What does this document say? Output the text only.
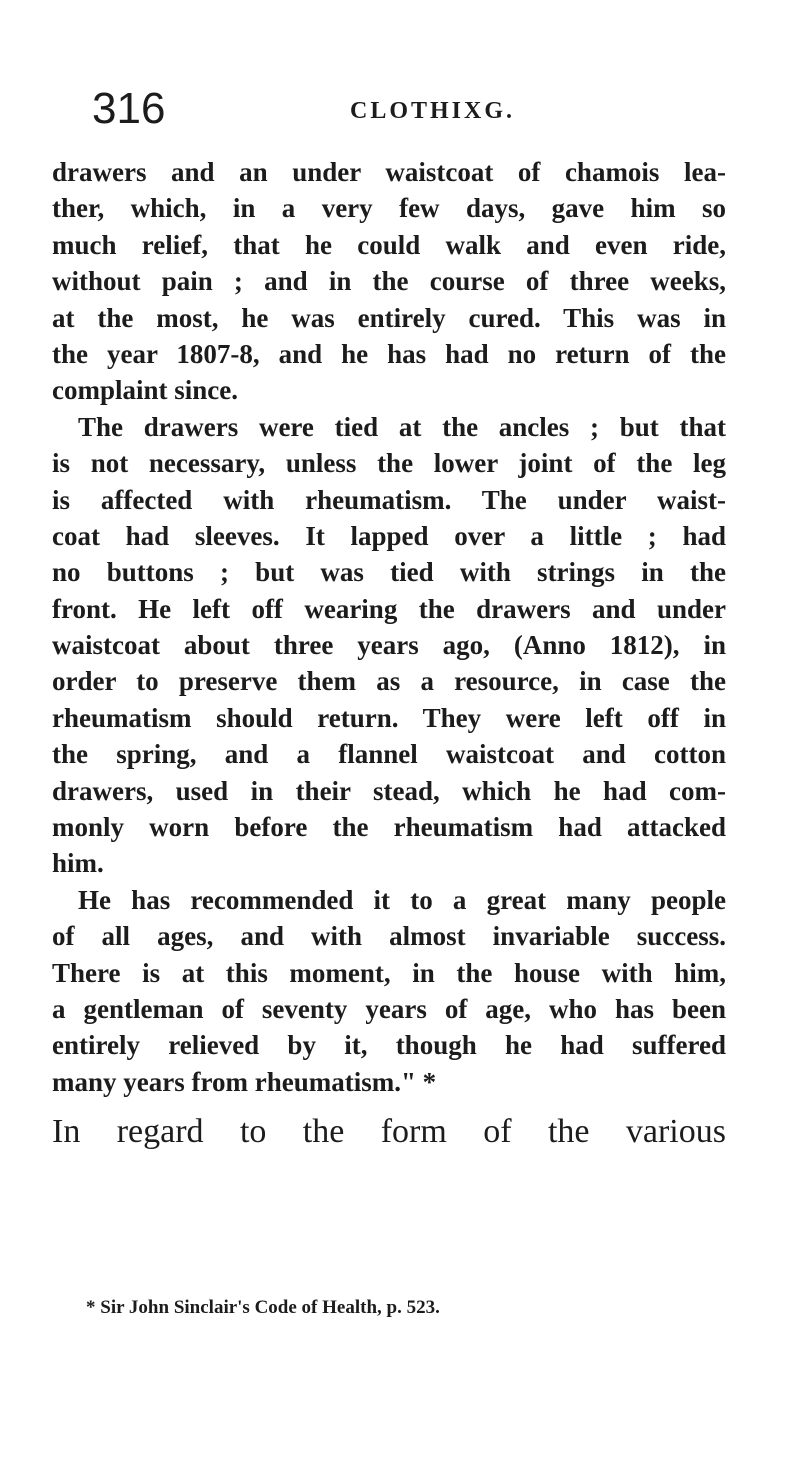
316	CLOTHIXG.
drawers and an under waistcoat of chamois lea-
ther, which, in a very few days, gave him so
much relief, that he could walk and even ride,
without pain ; and in the course of three weeks,
at the most, he was entirely cured. This was in
the year 1807-8, and he has had no return of the
complaint since.
The drawers were tied at the ancles ; but that
is not necessary, unless the lower joint of the leg
is affected with rheumatism. The under waist-
coat had sleeves. It lapped over a little ; had
no buttons ; but was tied with strings in the
front. He left off wearing the drawers and under
waistcoat about three years ago, (Anno 1812), in
order to preserve them as a resource, in case the
rheumatism should return. They were left off in
the spring, and a flannel waistcoat and cotton
drawers, used in their stead, which he had com-
monly worn before the rheumatism had attacked
him.
He has recommended it to a great many people
of all ages, and with almost invariable success.
There is at this moment, in the house with him,
a gentleman of seventy years of age, who has been
entirely relieved by it, though he had suffered
many years from rheumatism." *
In regard to the form of the various
* Sir John Sinclair's Code of Health, p. 523.
